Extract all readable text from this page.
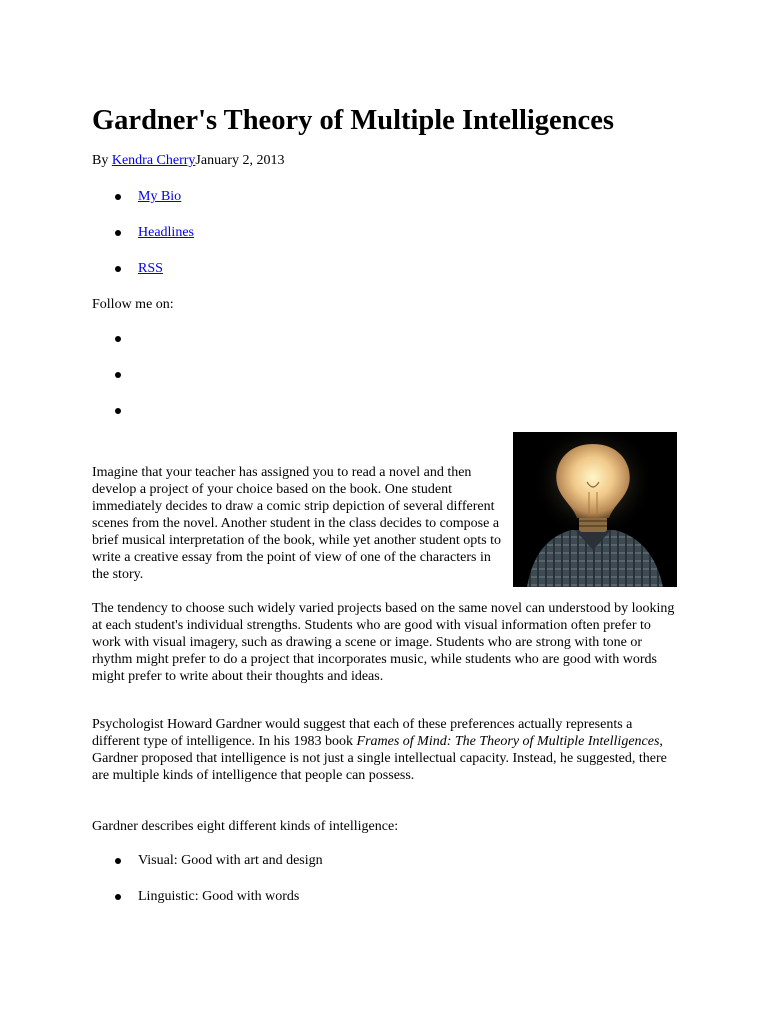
Gardner's Theory of Multiple Intelligences
By Kendra CherryJanuary 2, 2013
My Bio
Headlines
RSS
Follow me on:

Imagine that your teacher has assigned you to read a novel and then develop a project of your choice based on the book. One student immediately decides to draw a comic strip depiction of several different scenes from the novel. Another student in the class decides to compose a brief musical interpretation of the book, while yet another student opts to write a creative essay from the point of view of one of the characters in the story.

The tendency to choose such widely varied projects based on the same novel can understood by looking at each student's individual strengths. Students who are good with visual information often prefer to work with visual imagery, such as drawing a scene or image. Students who are strong with tone or rhythm might prefer to do a project that incorporates music, while students who are good with words might prefer to write about their thoughts and ideas.

Psychologist Howard Gardner would suggest that each of these preferences actually represents a different type of intelligence. In his 1983 book Frames of Mind: The Theory of Multiple Intelligences, Gardner proposed that intelligence is not just a single intellectual capacity. Instead, he suggested, there are multiple kinds of intelligence that people can possess.

Gardner describes eight different kinds of intelligence:

Visual: Good with art and design
Linguistic: Good with words
